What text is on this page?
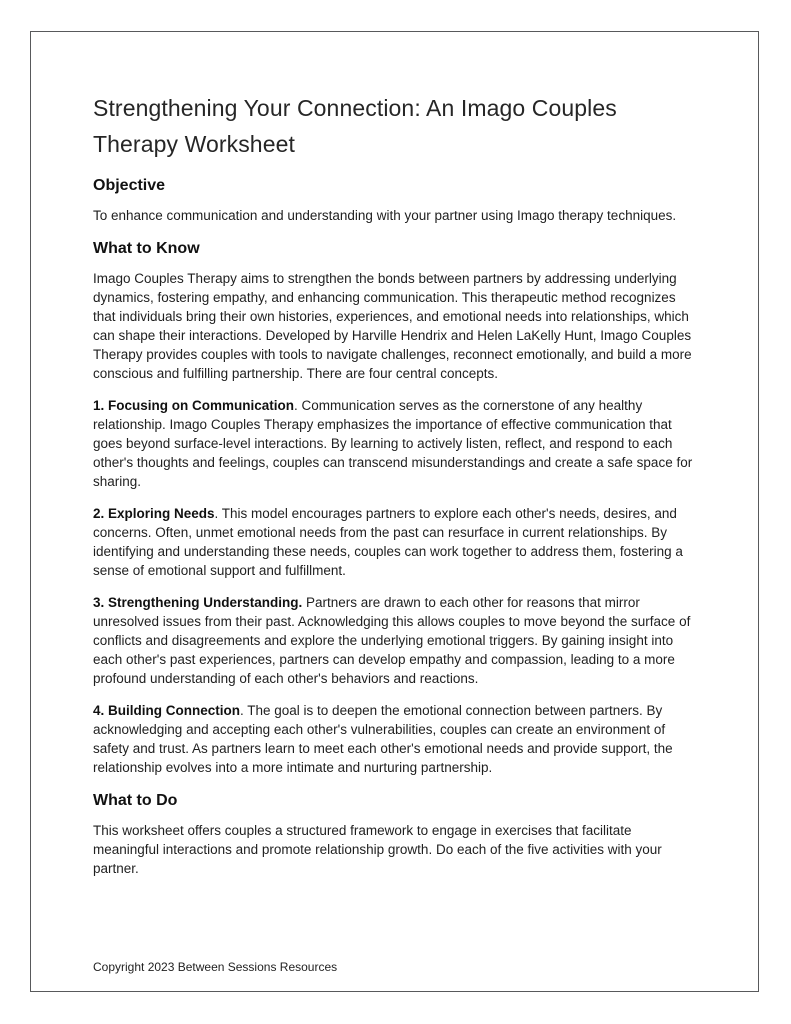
Strengthening Your Connection: An Imago Couples Therapy Worksheet
Objective

To enhance communication and understanding with your partner using Imago therapy techniques.

What to Know

Imago Couples Therapy aims to strengthen the bonds between partners by addressing underlying dynamics, fostering empathy, and enhancing communication. This therapeutic method recognizes that individuals bring their own histories, experiences, and emotional needs into relationships, which can shape their interactions. Developed by Harville Hendrix and Helen LaKelly Hunt, Imago Couples Therapy provides couples with tools to navigate challenges, reconnect emotionally, and build a more conscious and fulfilling partnership. There are four central concepts.

1. Focusing on Communication. Communication serves as the cornerstone of any healthy relationship. Imago Couples Therapy emphasizes the importance of effective communication that goes beyond surface-level interactions. By learning to actively listen, reflect, and respond to each other's thoughts and feelings, couples can transcend misunderstandings and create a safe space for sharing.

2. Exploring Needs. This model encourages partners to explore each other's needs, desires, and concerns. Often, unmet emotional needs from the past can resurface in current relationships. By identifying and understanding these needs, couples can work together to address them, fostering a sense of emotional support and fulfillment.

3. Strengthening Understanding. Partners are drawn to each other for reasons that mirror unresolved issues from their past. Acknowledging this allows couples to move beyond the surface of conflicts and disagreements and explore the underlying emotional triggers. By gaining insight into each other's past experiences, partners can develop empathy and compassion, leading to a more profound understanding of each other's behaviors and reactions.

4. Building Connection. The goal is to deepen the emotional connection between partners. By acknowledging and accepting each other's vulnerabilities, couples can create an environment of safety and trust. As partners learn to meet each other's emotional needs and provide support, the relationship evolves into a more intimate and nurturing partnership.

What to Do

This worksheet offers couples a structured framework to engage in exercises that facilitate meaningful interactions and promote relationship growth. Do each of the five activities with your partner.

Copyright 2023 Between Sessions Resources
